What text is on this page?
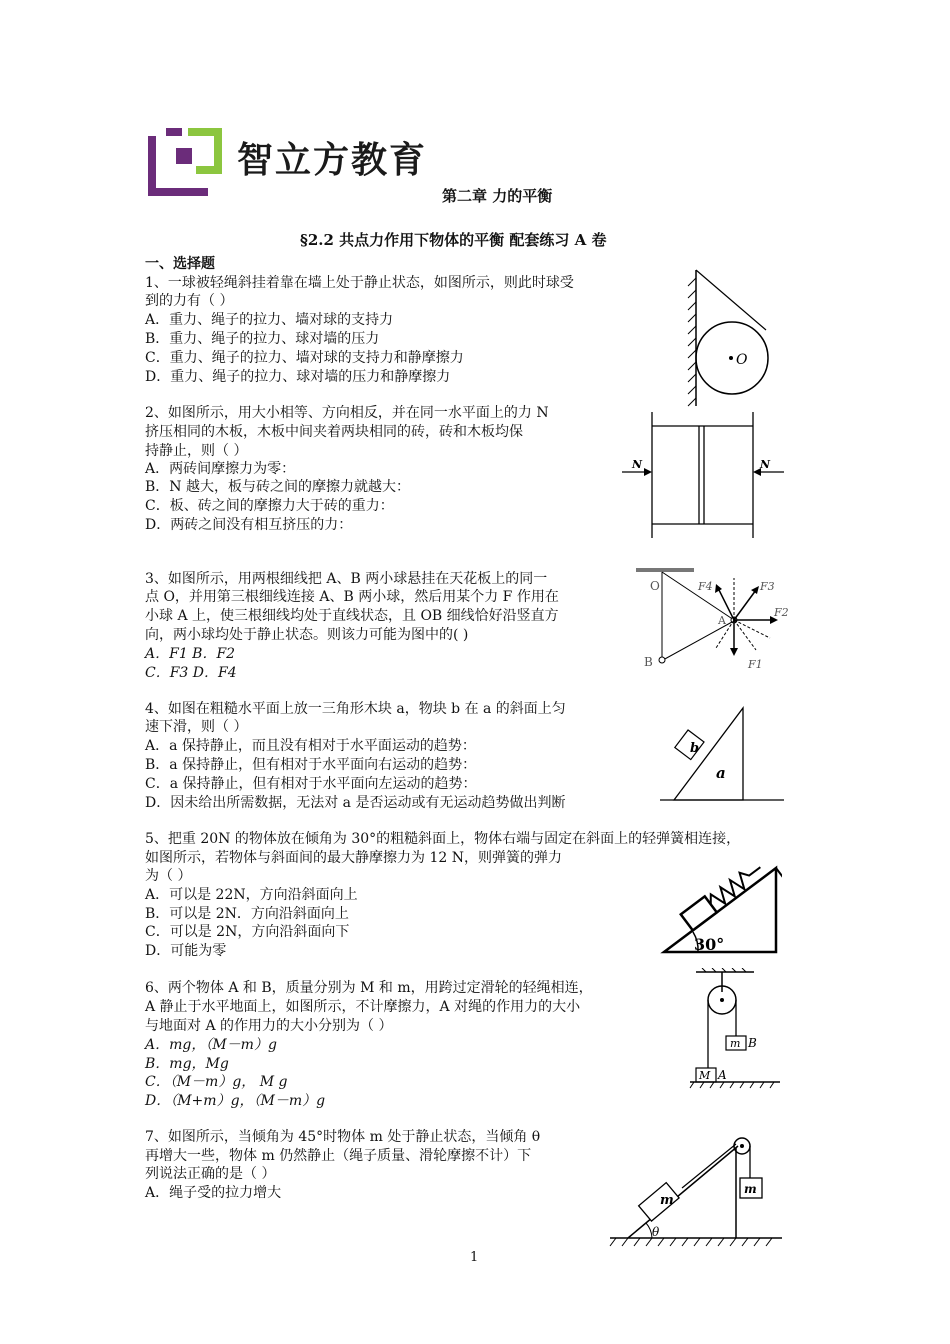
智立方教育
第二章 力的平衡
§2.2 共点力作用下物体的平衡 配套练习 A 卷
一、选择题
1、一球被轻绳斜挂着靠在墙上处于静止状态，如图所示，则此时球受
到的力有（ ）
A．重力、绳子的拉力、墙对球的支持力
B．重力、绳子的拉力、球对墙的压力
C．重力、绳子的拉力、墙对球的支持力和静摩擦力
D．重力、绳子的拉力、球对墙的压力和静摩擦力
O
2、如图所示，用大小相等、方向相反，并在同一水平面上的力 N
挤压相同的木板，木板中间夹着两块相同的砖，砖和木板均保
持静止，则（ ）
A．两砖间摩擦力为零：
B．N 越大，板与砖之间的摩擦力就越大：
C．板、砖之间的摩擦力大于砖的重力：
D．两砖之间没有相互挤压的力：
N	N
3、如图所示，用两根细线把 A、B 两小球悬挂在天花板上的同一
点 O，并用第三根细线连接 A、B 两小球，然后用某个力 F 作用在
小球 A 上，使三根细线均处于直线状态，且 OB 细线恰好沿竖直方
向，两小球均处于静止状态。则该力可能为图中的( )
A．F1 B．F2
C．F3 D．F4
O
A
B	F1
F2
F3
F4
4、如图在粗糙水平面上放一三角形木块 a，物块 b 在 a 的斜面上匀
速下滑，则（ ）
A．a 保持静止，而且没有相对于水平面运动的趋势：
B．a 保持静止，但有相对于水平面向右运动的趋势：
C．a 保持静止，但有相对于水平面向左运动的趋势：
D．因未给出所需数据，无法对 a 是否运动或有无运动趋势做出判断
b
a
5、把重 20N 的物体放在倾角为 30°的粗糙斜面上，物体右端与固定在斜面上的轻弹簧相连接，
如图所示，若物体与斜面间的最大静摩擦力为 12 N，则弹簧的弹力
为（ ）
A．可以是 22N，方向沿斜面向上
B．可以是 2N．方向沿斜面向上
C．可以是 2N，方向沿斜面向下
D．可能为零	30°
6、两个物体 A 和 B，质量分别为 M 和 m，用跨过定滑轮的轻绳相连，
A 静止于水平地面上，如图所示，不计摩擦力，A 对绳的作用力的大小
与地面对 A 的作用力的大小分别为（ ）
A．mg，（M－m）g
B．mg，Mg
C．（M－m）g， M g
D．（M+m）g，（M－m）g
m B
M A
7、如图所示，当倾角为 45°时物体 m 处于静止状态，当倾角 θ
再增大一些，物体 m 仍然静止（绳子质量、滑轮摩擦不计）下
列说法正确的是（ ）
A．绳子受的拉力增大	m
m
θ
1
